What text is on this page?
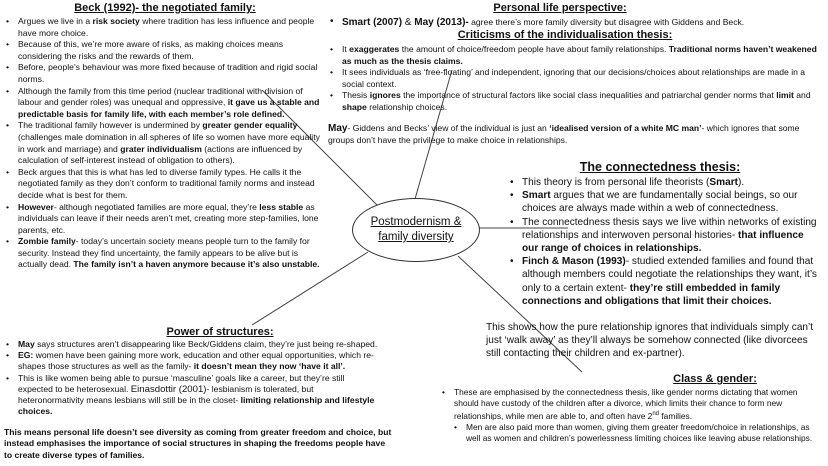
Beck (1992)- the negotiated family:
• Argues we live in a risk society where tradition has less influence and people have more choice.
• Because of this, we’re more aware of risks, as making choices means considering the risks and the rewards of them.
• Before, people’s behaviour was more fixed because of tradition and rigid social norms.
• Although the family from this time period (nuclear traditional with division of labour and gender roles) was unequal and oppressive, it gave us a stable and predictable basis for family life, with each member’s role defined.
• The traditional family however is undermined by greater gender equality (challenges male domination in all spheres of life so women have more equality in work and marriage) and grater individualism (actions are influenced by calculation of self-interest instead of obligation to others).
• Beck argues that this is what has led to diverse family types. He calls it the negotiated family as they don’t conform to traditional family norms and instead decide what is best for them.
• However- although negotiated families are more equal, they’re less stable as individuals can leave if their needs aren’t met, creating more step-families, lone parents, etc.
• Zombie family- today’s uncertain society means people turn to the family for security. Instead they find uncertainty, the family appears to be alive but is actually dead. The family isn’t a haven anymore because it’s also unstable.
Power of structures:
• May says structures aren’t disappearing like Beck/Giddens claim, they’re just being re-shaped.
• EG: women have been gaining more work, education and other equal opportunities, which re-shapes those structures as well as the family- it doesn’t mean they now ‘have it all’.
• This is like women being able to pursue ‘masculine’ goals like a career, but they’re still expected to be heterosexual. Einasdottir (2001)- lesbianism is tolerated, but heteronormativity means lesbians will still be in the closet- limiting relationship and lifestyle choices.

This means personal life doesn’t see diversity as coming from greater freedom and choice, but instead emphasises the importance of social structures in shaping the freedoms people have to create diverse types of families.

Personal life perspective:
• Smart (2007) & May (2013)- agree there’s more family diversity but disagree with Giddens and Beck.
Criticisms of the individualisation thesis:
• It exaggerates the amount of choice/freedom people have about family relationships. Traditional norms haven’t weakened as much as the thesis claims.
• It sees individuals as ‘free-floating’ and independent, ignoring that our decisions/choices about relationships are made in a social context.
• Thesis ignores the importance of structural factors like social class inequalities and patriarchal gender norms that limit and shape relationship choices.

May- Giddens and Becks’ view of the individual is just an ‘idealised version of a white MC man’- which ignores that some groups don’t have the privilege to make choice in relationships.

Postmodernism &
family diversity
The connectedness thesis:
• This theory is from personal life theorists (Smart).
• Smart argues that we are fundamentally social beings, so our choices are always made within a web of connectedness.
• The connectedness thesis says we live within networks of existing relationships and interwoven personal histories- that influence our range of choices in relationships.
• Finch & Mason (1993)- studied extended families and found that although members could negotiate the relationships they want, it’s only to a certain extent- they’re still embedded in family connections and obligations that limit their choices.

This shows how the pure relationship ignores that individuals simply can’t just ‘walk away’ as they’ll always be somehow connected (like divorcees still contacting their children and ex-partner).

Class & gender:
• These are emphasised by the connectedness thesis, like gender norms dictating that women should have custody of the children after a divorce, which limits their chance to form new relationships, while men are able to, and often have 2nd families.
• Men are also paid more than women, giving them greater freedom/choice in relationships, as well as women and children’s powerlessness limiting choices like leaving abuse relationships.
